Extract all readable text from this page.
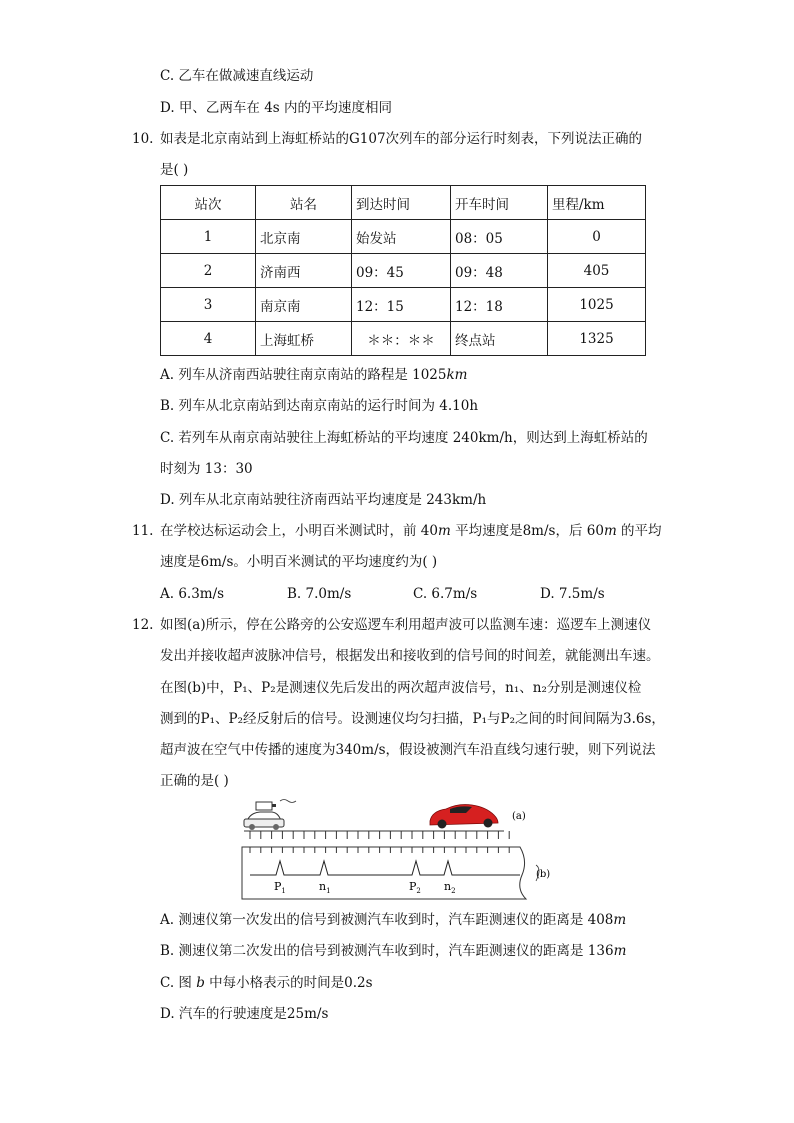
C. 乙车在做减速直线运动
D. 甲、乙两车在 4s 内的平均速度相同
10. 如表是北京南站到上海虹桥站的G107次列车的部分运行时刻表，下列说法正确的
是( )
站次	站名	到达时间	开车时间	里程/km
1	北京南	始发站	08：05	0
2	济南西	09：45	09：48	405
3	南京南	12：15	12：18	1025
4	上海虹桥	＊＊：＊＊	终点站	1325
A. 列车从济南西站驶往南京南站的路程是 1025km
B. 列车从北京南站到达南京南站的运行时间为 4.10h
C. 若列车从南京南站驶往上海虹桥站的平均速度 240km/h，则达到上海虹桥站的
时刻为 13：30
D. 列车从北京南站驶往济南西站平均速度是 243km/h
11. 在学校达标运动会上，小明百米测试时，前 40m 平均速度是8m/s，后 60m 的平均
速度是6m/s。小明百米测试的平均速度约为( )
A. 6.3m/s	B. 7.0m/s	C. 6.7m/s	D. 7.5m/s
12. 如图(a)所示，停在公路旁的公安巡逻车利用超声波可以监测车速：巡逻车上测速仪
发出并接收超声波脉冲信号，根据发出和接收到的信号间的时间差，就能测出车速。
在图(b)中，P₁、P₂是测速仪先后发出的两次超声波信号，n₁、n₂分别是测速仪检
测到的P₁、P₂经反射后的信号。设测速仪均匀扫描，P₁与P₂之间的时间间隔为3.6s，
超声波在空气中传播的速度为340m/s，假设被测汽车沿直线匀速行驶，则下列说法
正确的是( )
(a)
(b)
$P_1$	$n_1$	$P_2$ $n_2$
A. 测速仪第一次发出的信号到被测汽车收到时，汽车距测速仪的距离是 408m
B. 测速仪第二次发出的信号到被测汽车收到时，汽车距测速仪的距离是 136m
C. 图 b 中每小格表示的时间是0.2s
D. 汽车的行驶速度是25m/s
